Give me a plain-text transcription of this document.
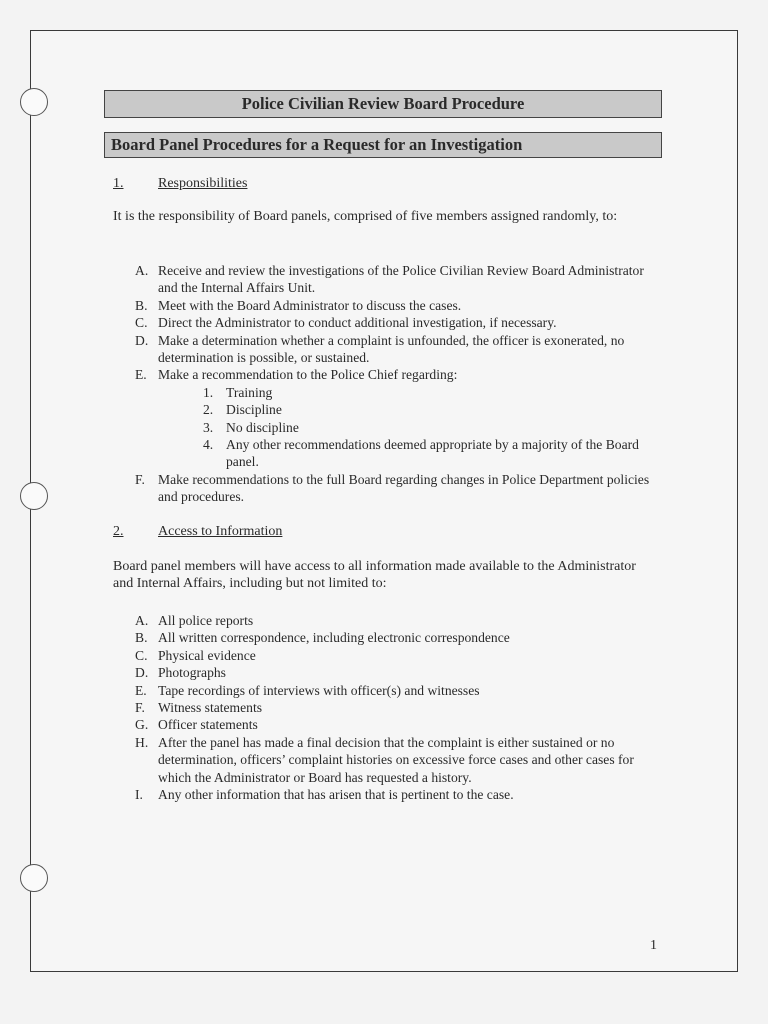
Police Civilian Review Board Procedure
Board Panel Procedures for a Request for an Investigation
1. Responsibilities
It is the responsibility of Board panels, comprised of five members assigned randomly, to:
A. Receive and review the investigations of the Police Civilian Review Board Administrator and the Internal Affairs Unit.
B. Meet with the Board Administrator to discuss the cases.
C. Direct the Administrator to conduct additional investigation, if necessary.
D. Make a determination whether a complaint is unfounded, the officer is exonerated, no determination is possible, or sustained.
E. Make a recommendation to the Police Chief regarding:
1. Training
2. Discipline
3. No discipline
4. Any other recommendations deemed appropriate by a majority of the Board panel.
F. Make recommendations to the full Board regarding changes in Police Department policies and procedures.
2. Access to Information
Board panel members will have access to all information made available to the Administrator and Internal Affairs, including but not limited to:
A. All police reports
B. All written correspondence, including electronic correspondence
C. Physical evidence
D. Photographs
E. Tape recordings of interviews with officer(s) and witnesses
F. Witness statements
G. Officer statements
H. After the panel has made a final decision that the complaint is either sustained or no determination, officers’ complaint histories on excessive force cases and other cases for which the Administrator or Board has requested a history.
I.	Any other information that has arisen that is pertinent to the case.
1
